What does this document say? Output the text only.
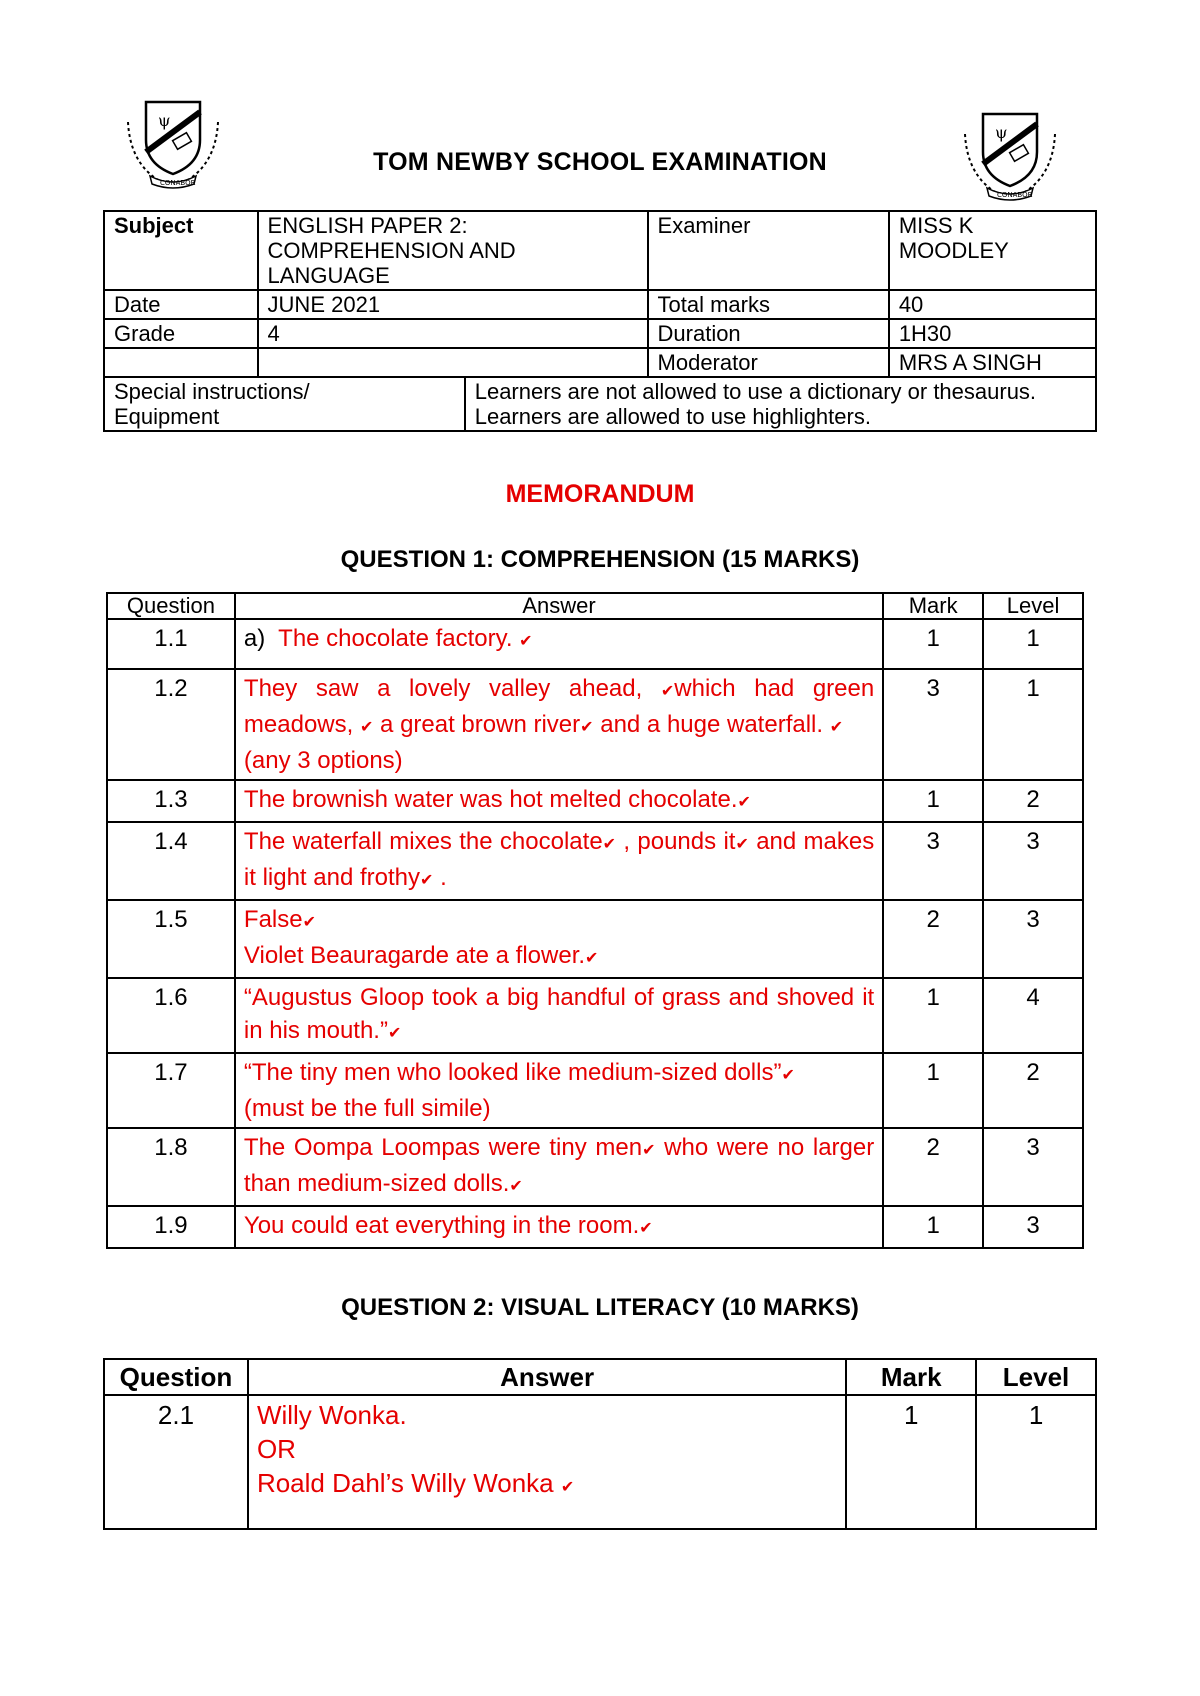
ψ
CONABOR
ψ
CONABOR
TOM NEWBY SCHOOL EXAMINATION
Subject	ENGLISH PAPER 2:
COMPREHENSION AND LANGUAGE		Examiner	MISS K MOODLEY
Date	JUNE 2021		Total marks	40
Grade	4		Duration	1H30
			Moderator	MRS A SINGH
Special instructions/
Equipment		Learners are not allowed to use a dictionary or thesaurus.
Learners are allowed to use highlighters.		
MEMORANDUM
QUESTION 1: COMPREHENSION (15 MARKS)
Question	Answer	Mark	Level
1.1	a) The chocolate factory. ✔	1	1
1.2	They saw a lovely valley ahead, ✔which had green meadows, ✔ a great brown river✔ and a huge waterfall. ✔
(any 3 options)	3	1
1.3	The brownish water was hot melted chocolate.✔	1	2
1.4	The waterfall mixes the chocolate✔ , pounds it✔ and makes it light and frothy✔ .	3	3
1.5	False✔
Violet Beauragarde ate a flower.✔	2	3
1.6	“Augustus Gloop took a big handful of grass and shoved it in his mouth.”✔	1	4
1.7	“The tiny men who looked like medium-sized dolls”✔
(must be the full simile)	1	2
1.8	The Oompa Loompas were tiny men✔ who were no larger than medium-sized dolls.✔	2	3
1.9	You could eat everything in the room.✔	1	3
QUESTION 2: VISUAL LITERACY (10 MARKS)
Question	Answer	Mark	Level
2.1	Willy Wonka.
OR
Roald Dahl’s Willy Wonka ✔	1	1
